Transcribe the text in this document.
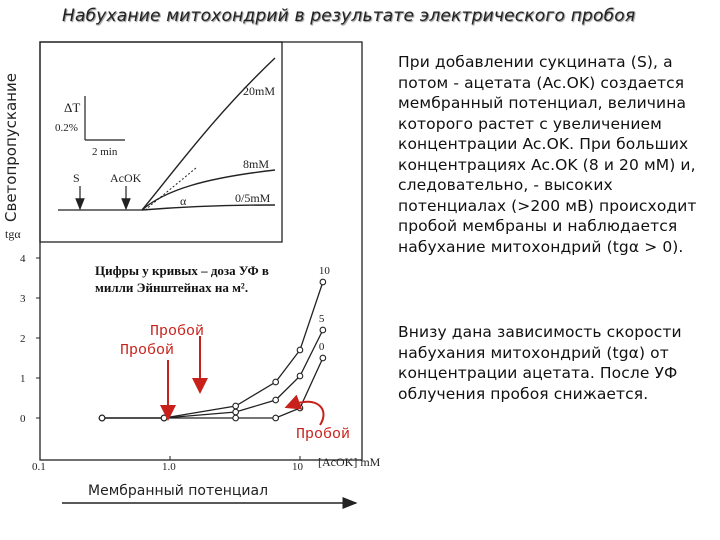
Набухание митохондрий в результате электрического пробоя
Светопропускание	ΔT
0.2%
2 min
S	AcOK
α
20mM
8mM
0/5mM
tgα
0
1
2
3
4
0.1	1.0	10 [AcOK] mM
10
5
0
Цифры у кривых – доза УФ в милли Эйнштейнах на м².
Пробой
Пробой
Пробой
При добавлении сукцината (S), а потом - ацетата (Ac.OK) создается мембранный потенциал, величина которого растет с увеличением концентрации Ac.OK. При больших концентрациях Ac.OK (8 и 20 мМ) и, следовательно, - высоких потенциалах (>200 мВ) происходит пробой мембраны и наблюдается набухание митохондрий (tgα > 0).
Внизу дана зависимость скорости набухания митохондрий (tgα) от концентрации ацетата. После УФ облучения пробоя снижается.
Мембранный потенциал
